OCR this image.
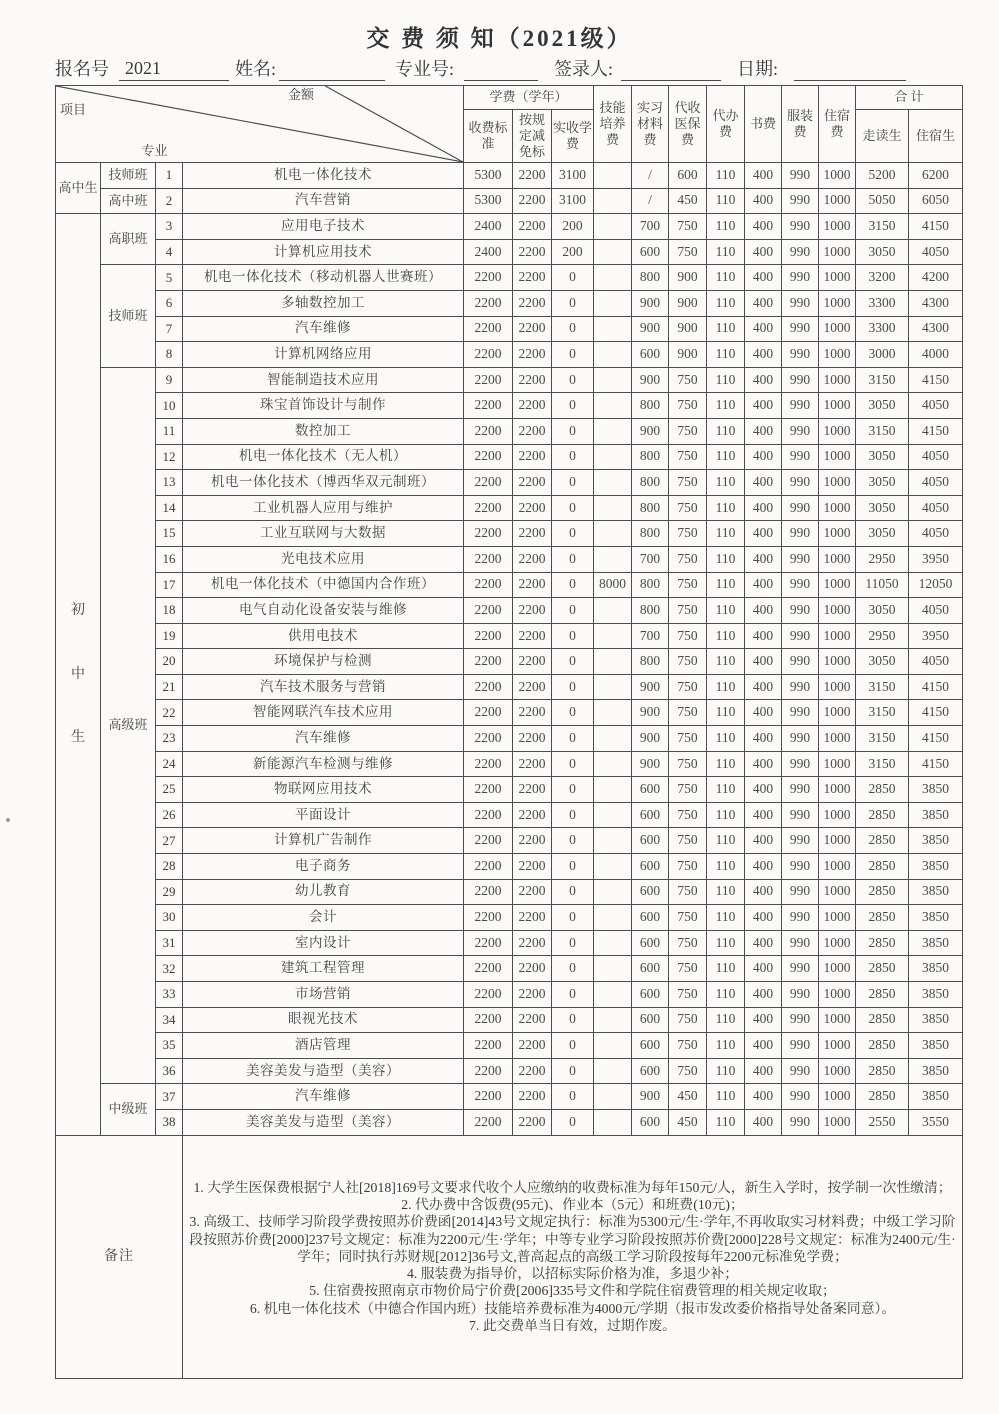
交 费 须 知（2021级）
报名号 2021	姓名:	专业号:	签录人:	日期:
项目
金额
专业				学费（学年）			技能培养费	实习材料费	代收医保费	代办费	书费	服装费	住宿费	合 计	
				收费标准	按规定减免标	实收学费								走读生	住宿生
高中生	技师班	1	机电一体化技术	5300	2200	3100		/	600	110	400	990	1000	5200	6200
	高中班	2	汽车营销	5300	2200	3100		/	450	110	400	990	1000	5050	6050

初
中
生	高职班	3	应用电子技术	2400	2200	200		700	750	110	400	990	1000	3150	4150
		4	计算机应用技术	2400	2200	200		600	750	110	400	990	1000	3050	4050
	技师班	5	机电一体化技术（移动机器人世赛班）	2200	2200	0		800	900	110	400	990	1000	3200	4200
		6	多轴数控加工	2200	2200	0		900	900	110	400	990	1000	3300	4300
		7	汽车维修	2200	2200	0		900	900	110	400	990	1000	3300	4300
		8	计算机网络应用	2200	2200	0		600	900	110	400	990	1000	3000	4000
	高级班	9	智能制造技术应用	2200	2200	0		900	750	110	400	990	1000	3150	4150
		10	珠宝首饰设计与制作	2200	2200	0		800	750	110	400	990	1000	3050	4050
		11	数控加工	2200	2200	0		900	750	110	400	990	1000	3150	4150
		12	机电一体化技术（无人机）	2200	2200	0		800	750	110	400	990	1000	3050	4050
		13	机电一体化技术（博西华双元制班）	2200	2200	0		800	750	110	400	990	1000	3050	4050
		14	工业机器人应用与维护	2200	2200	0		800	750	110	400	990	1000	3050	4050
		15	工业互联网与大数据	2200	2200	0		800	750	110	400	990	1000	3050	4050
		16	光电技术应用	2200	2200	0		700	750	110	400	990	1000	2950	3950
		17	机电一体化技术（中德国内合作班）	2200	2200	0	8000	800	750	110	400	990	1000	11050	12050
		18	电气自动化设备安装与维修	2200	2200	0		800	750	110	400	990	1000	3050	4050
		19	供用电技术	2200	2200	0		700	750	110	400	990	1000	2950	3950
		20	环境保护与检测	2200	2200	0		800	750	110	400	990	1000	3050	4050
		21	汽车技术服务与营销	2200	2200	0		900	750	110	400	990	1000	3150	4150
		22	智能网联汽车技术应用	2200	2200	0		900	750	110	400	990	1000	3150	4150
		23	汽车维修	2200	2200	0		900	750	110	400	990	1000	3150	4150
		24	新能源汽车检测与维修	2200	2200	0		900	750	110	400	990	1000	3150	4150
		25	物联网应用技术	2200	2200	0		600	750	110	400	990	1000	2850	3850
		26	平面设计	2200	2200	0		600	750	110	400	990	1000	2850	3850
		27	计算机广告制作	2200	2200	0		600	750	110	400	990	1000	2850	3850
		28	电子商务	2200	2200	0		600	750	110	400	990	1000	2850	3850
		29	幼儿教育	2200	2200	0		600	750	110	400	990	1000	2850	3850
		30	会计	2200	2200	0		600	750	110	400	990	1000	2850	3850
		31	室内设计	2200	2200	0		600	750	110	400	990	1000	2850	3850
		32	建筑工程管理	2200	2200	0		600	750	110	400	990	1000	2850	3850
		33	市场营销	2200	2200	0		600	750	110	400	990	1000	2850	3850
		34	眼视光技术	2200	2200	0		600	750	110	400	990	1000	2850	3850
		35	酒店管理	2200	2200	0		600	750	110	400	990	1000	2850	3850
		36	美容美发与造型（美容）	2200	2200	0		600	750	110	400	990	1000	2850	3850
	中级班	37	汽车维修	2200	2200	0		900	450	110	400	990	1000	2850	3850
		38	美容美发与造型（美容）	2200	2200	0		600	450	110	400	990	1000	2550	3550
备注	
1. 大学生医保费根据宁人社[2018]169号文要求代收个人应缴纳的收费标准为每年150元/人，新生入学时，按学制一次性缴清；
2. 代办费中含饭费(95元)、作业本（5元）和班费(10元)；
3. 高级工、技师学习阶段学费按照苏价费函[2014]43号文规定执行：标准为5300元/生·学年,不再收取实习材料费；中级工学习阶段按照苏价费[2000]237号文规定：标准为2200元/生·学年；中等专业学习阶段按照苏价费[2000]228号文规定：标准为2400元/生·学年；同时执行苏财规[2012]36号文,普高起点的高级工学习阶段按每年2200元标准免学费；
4. 服装费为指导价，以招标实际价格为准，多退少补；
5. 住宿费按照南京市物价局宁价费[2006]335号文件和学院住宿费管理的相关规定收取；
6. 机电一体化技术（中德合作国内班）技能培养费标准为4000元/学期（报市发改委价格指导处备案同意）。
7. 此交费单当日有效，过期作废。
